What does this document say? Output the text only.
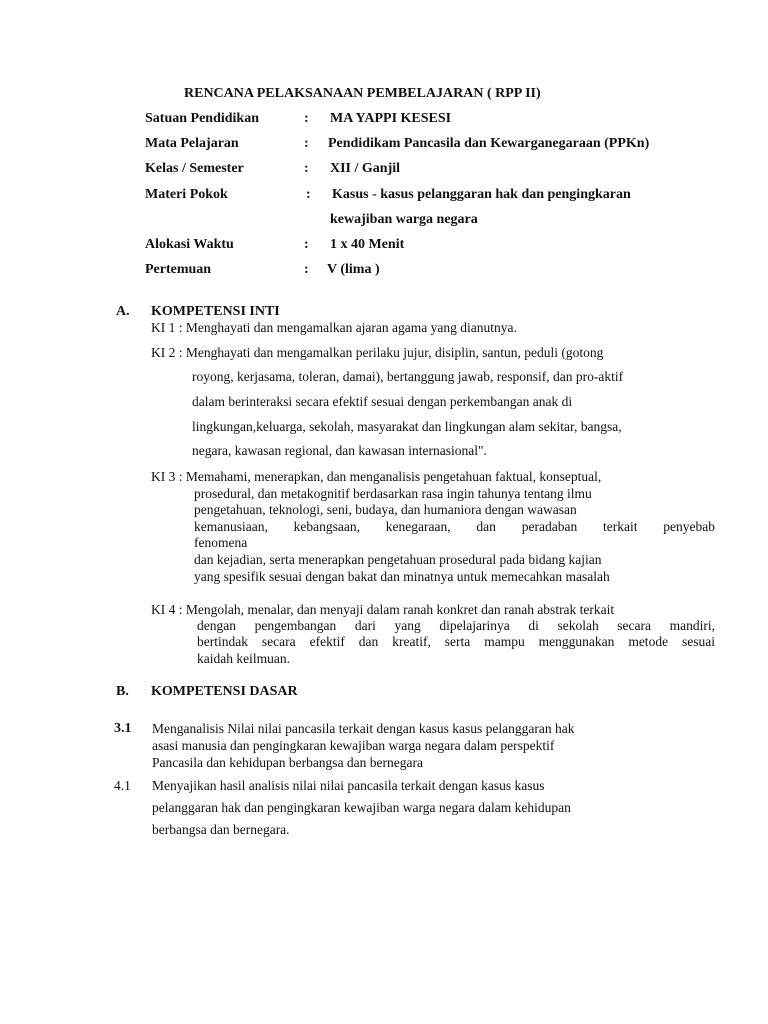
RENCANA PELAKSANAAN PEMBELAJARAN ( RPP II)
Satuan Pendidikan	: MA YAPPI KESESI
Mata Pelajaran	: Pendidikam Pancasila dan Kewarganegaraan (PPKn)
Kelas / Semester	: XII / Ganjil
Materi Pokok	: Kasus - kasus pelanggaran hak dan pengingkaran
kewajiban warga negara
Alokasi Waktu	: 1 x 40 Menit
Pertemuan	: V (lima )
A. KOMPETENSI INTI
KI 1 : Menghayati dan mengamalkan ajaran agama yang dianutnya.
KI 2 : Menghayati dan mengamalkan perilaku jujur, disiplin, santun, peduli (gotong
royong, kerjasama, toleran, damai), bertanggung jawab, responsif, dan pro-aktif
dalam berinteraksi secara efektif sesuai dengan perkembangan anak di
lingkungan,keluarga, sekolah, masyarakat dan lingkungan alam sekitar, bangsa,
negara, kawasan regional, dan kawasan internasional".
KI 3 : Memahami, menerapkan, dan menganalisis pengetahuan faktual, konseptual,
prosedural, dan metakognitif berdasarkan rasa ingin tahunya tentang ilmu
pengetahuan, teknologi, seni, budaya, dan humaniora dengan wawasan
kemanusiaan, kebangsaan, kenegaraan, dan peradaban terkait penyebab
fenomena
dan kejadian, serta menerapkan pengetahuan prosedural pada bidang kajian
yang spesifik sesuai dengan bakat dan minatnya untuk memecahkan masalah
KI 4 : Mengolah, menalar, dan menyaji dalam ranah konkret dan ranah abstrak terkait
dengan pengembangan dari yang dipelajarinya di sekolah secara mandiri,
bertindak secara efektif dan kreatif, serta mampu menggunakan metode sesuai
kaidah keilmuan.
B. KOMPETENSI DASAR
3.1 Menganalisis Nilai nilai pancasila terkait dengan kasus kasus pelanggaran hak
asasi manusia dan pengingkaran kewajiban warga negara dalam perspektif
Pancasila dan kehidupan berbangsa dan bernegara
4.1 Menyajikan hasil analisis nilai nilai pancasila terkait dengan kasus kasus
pelanggaran hak dan pengingkaran kewajiban warga negara dalam kehidupan
berbangsa dan bernegara.
